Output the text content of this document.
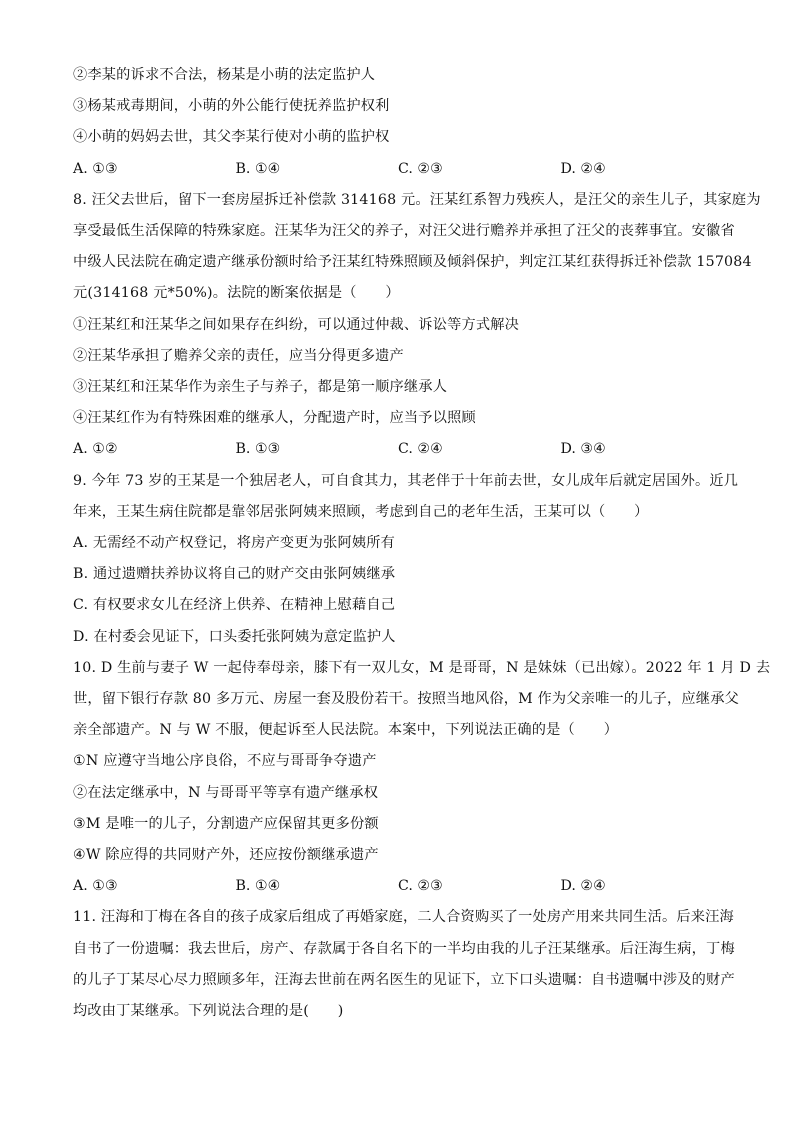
②李某的诉求不合法，杨某是小萌的法定监护人
③杨某戒毒期间，小萌的外公能行使抚养监护权利
④小萌的妈妈去世，其父李某行使对小萌的监护权
A. ①③	B. ①④	C. ②③	D. ②④
8. 汪父去世后，留下一套房屋拆迁补偿款 314168 元。汪某红系智力残疾人，是汪父的亲生儿子，其家庭为
享受最低生活保障的特殊家庭。汪某华为汪父的养子，对汪父进行赡养并承担了汪父的丧葬事宜。安徽省
中级人民法院在确定遗产继承份额时给予汪某红特殊照顾及倾斜保护，判定江某红获得拆迁补偿款 157084
元(314168 元*50%)。法院的断案依据是（　　）
①汪某红和汪某华之间如果存在纠纷，可以通过仲裁、诉讼等方式解决
②汪某华承担了赡养父亲的责任，应当分得更多遗产
③汪某红和汪某华作为亲生子与养子，都是第一顺序继承人
④汪某红作为有特殊困难的继承人，分配遗产时，应当予以照顾
A. ①②	B. ①③	C. ②④	D. ③④
9. 今年 73 岁的王某是一个独居老人，可自食其力，其老伴于十年前去世，女儿成年后就定居国外。近几
年来，王某生病住院都是靠邻居张阿姨来照顾，考虑到自己的老年生活，王某可以（　　）
A. 无需经不动产权登记，将房产变更为张阿姨所有
B. 通过遗赠扶养协议将自己的财产交由张阿姨继承
C. 有权要求女儿在经济上供养、在精神上慰藉自己
D. 在村委会见证下，口头委托张阿姨为意定监护人
10. D 生前与妻子 W 一起侍奉母亲，膝下有一双儿女，M 是哥哥，N 是妹妹（已出嫁）。2022 年 1 月 D 去
世，留下银行存款 80 多万元、房屋一套及股份若干。按照当地风俗，M 作为父亲唯一的儿子，应继承父
亲全部遗产。N 与 W 不服，便起诉至人民法院。本案中，下列说法正确的是（　　）
①N 应遵守当地公序良俗，不应与哥哥争夺遗产
②在法定继承中，N 与哥哥平等享有遗产继承权
③M 是唯一的儿子，分割遗产应保留其更多份额
④W 除应得的共同财产外，还应按份额继承遗产
A. ①③	B. ①④	C. ②③	D. ②④
11. 汪海和丁梅在各自的孩子成家后组成了再婚家庭，二人合资购买了一处房产用来共同生活。后来汪海
自书了一份遗嘱：我去世后，房产、存款属于各自名下的一半均由我的儿子汪某继承。后汪海生病，丁梅
的儿子丁某尽心尽力照顾多年，汪海去世前在两名医生的见证下，立下口头遗嘱：自书遗嘱中涉及的财产
均改由丁某继承。下列说法合理的是(　　)
